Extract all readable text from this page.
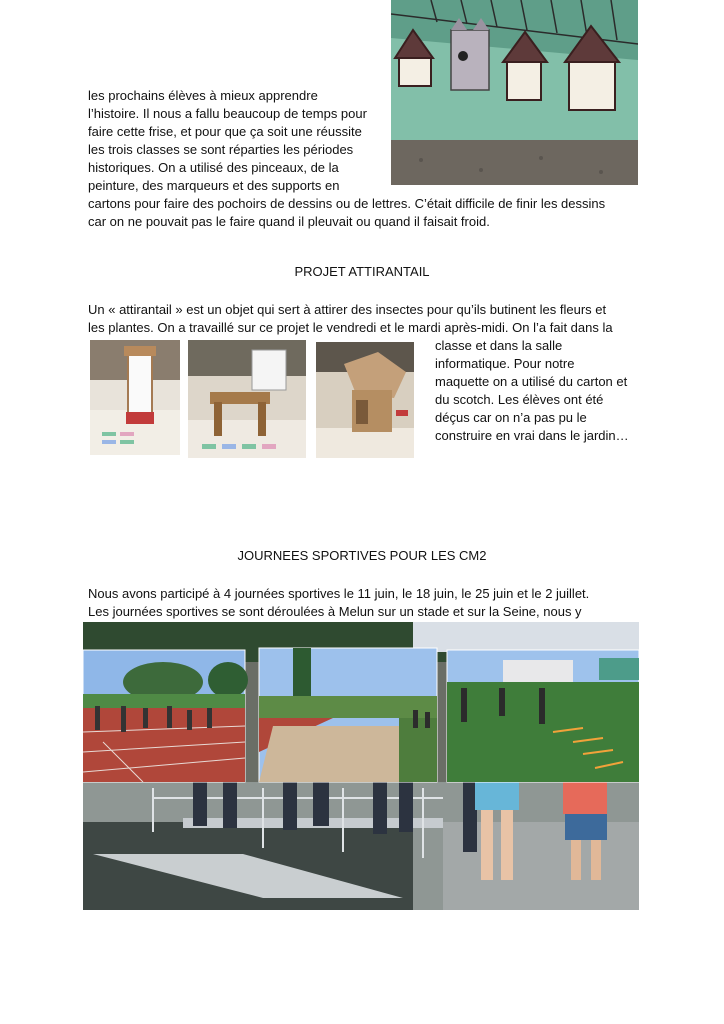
les prochains élèves à mieux apprendre
l’histoire. Il nous a fallu beaucoup de temps pour
faire cette frise, et pour que ça soit une réussite
les trois classes se sont réparties les périodes
historiques. On a utilisé des pinceaux, de la
peinture, des marqueurs et des supports en
cartons pour faire des pochoirs de dessins ou de lettres. C’était difficile de finir les dessins
car on ne pouvait pas le faire quand il pleuvait ou quand il faisait froid.
PROJET ATTIRANTAIL
Un « attirantail » est un objet qui sert à attirer des insectes pour qu’ils butinent les fleurs et
les plantes. On a travaillé sur ce projet le vendredi et le mardi après-midi. On l’a fait dans la
classe et dans la salle
informatique. Pour notre
maquette on a utilisé du carton et
du scotch. Les élèves ont été
déçus car on n’a pas pu le
construire en vrai dans le jardin…
JOURNEES SPORTIVES POUR LES CM2
Nous avons participé à 4 journées sportives le 11 juin, le 18 juin, le 25 juin et le 2 juillet.
Les journées sportives se sont déroulées à Melun sur un stade et sur la Seine, nous y
